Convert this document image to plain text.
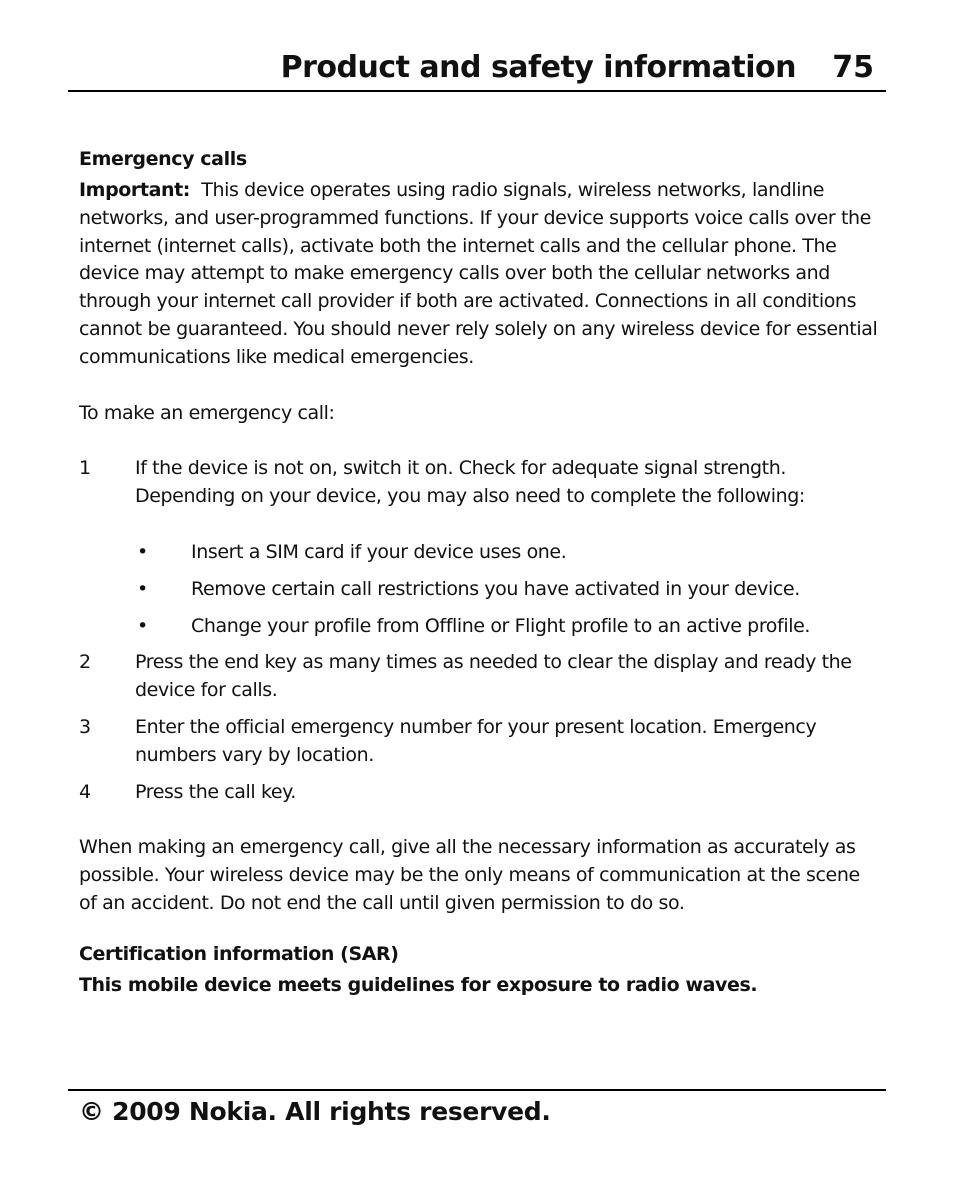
Product and safety information 75
Emergency calls

Important: This device operates using radio signals, wireless networks, landline networks, and user-programmed functions. If your device supports voice calls over the internet (internet calls), activate both the internet calls and the cellular phone. The device may attempt to make emergency calls over both the cellular networks and through your internet call provider if both are activated. Connections in all conditions cannot be guaranteed. You should never rely solely on any wireless device for essential communications like medical emergencies.

To make an emergency call:

1 If the device is not on, switch it on. Check for adequate signal strength. Depending on your device, you may also need to complete the following:
• Insert a SIM card if your device uses one.
• Remove certain call restrictions you have activated in your device.
• Change your profile from Offline or Flight profile to an active profile.
2 Press the end key as many times as needed to clear the display and ready the device for calls.
3 Enter the official emergency number for your present location. Emergency numbers vary by location.
4 Press the call key.

When making an emergency call, give all the necessary information as accurately as possible. Your wireless device may be the only means of communication at the scene of an accident. Do not end the call until given permission to do so.

Certification information (SAR)

This mobile device meets guidelines for exposure to radio waves.

© 2009 Nokia. All rights reserved.
